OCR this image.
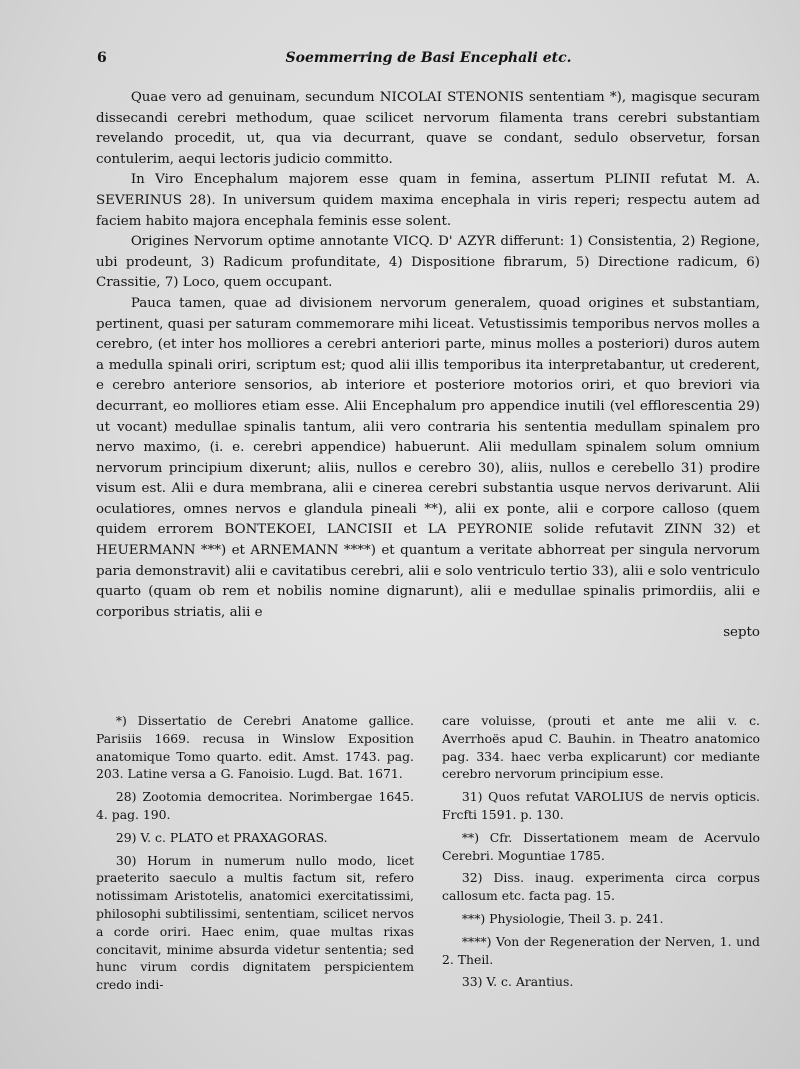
6	Soemmerring de Basi Encephali etc.

Quae vero ad genuinam, secundum NICOLAI STENONIS sententiam *), magisque securam dissecandi cerebri methodum, quae scilicet nervorum filamenta trans cerebri substantiam revelando procedit, ut, qua via decurrant, quave se condant, sedulo observetur, forsan contulerim, aequi lectoris judicio committo.

In Viro Encephalum majorem esse quam in femina, assertum PLINII refutat M. A. SEVERINUS 28). In universum quidem maxima encephala in viris reperi; respectu autem ad faciem habito majora encephala feminis esse solent.

Origines Nervorum optime annotante VICQ. D' AZYR differunt: 1) Consistentia, 2) Regione, ubi prodeunt, 3) Radicum profunditate, 4) Dispositione fibrarum, 5) Directione radicum, 6) Crassitie, 7) Loco, quem occupant.

Pauca tamen, quae ad divisionem nervorum generalem, quoad origines et substantiam, pertinent, quasi per saturam commemorare mihi liceat. Vetustissimis temporibus nervos molles a cerebro, (et inter hos molliores a cerebri anteriori parte, minus molles a posteriori) duros autem a medulla spinali oriri, scriptum est; quod alii illis temporibus ita interpretabantur, ut crederent, e cerebro anteriore sensorios, ab interiore et posteriore motorios oriri, et quo breviori via decurrant, eo molliores etiam esse. Alii Encephalum pro appendice inutili (vel efflorescentia 29) ut vocant) medullae spinalis tantum, alii vero contraria his sententia medullam spinalem pro nervo maximo, (i. e. cerebri appendice) habuerunt. Alii medullam spinalem solum omnium nervorum principium dixerunt; aliis, nullos e cerebro 30), aliis, nullos e cerebello 31) prodire visum est. Alii e dura membrana, alii e cinerea cerebri substantia usque nervos derivarunt. Alii oculatiores, omnes nervos e glandula pineali **), alii ex ponte, alii e corpore calloso (quem quidem errorem BONTEKOEI, LANCISII et LA PEYRONIE solide refutavit ZINN 32) et HEUERMANN ***) et ARNEMANN ****) et quantum a veritate abhorreat per singula nervorum paria demonstravit) alii e cavitatibus cerebri, alii e solo ventriculo tertio 33), alii e solo ventriculo quarto (quam ob rem et nobilis nomine dignarunt), alii e medullae spinalis primordiis, alii e corporibus striatis, alii e

septo

*) Dissertatio de Cerebri Anatome gallice. Parisiis 1669. recusa in Winslow Exposition anatomique Tomo quarto. edit. Amst. 1743. pag. 203. Latine versa a G. Fanoisio. Lugd. Bat. 1671.

28) Zootomia democritea. Norimbergae 1645. 4. pag. 190.

29) V. c. PLATO et PRAXAGORAS.

30) Horum in numerum nullo modo, licet praeterito saeculo a multis factum sit, refero notissimam Aristotelis, anatomici exercitatissimi, philosophi subtilissimi, sententiam, scilicet nervos a corde oriri. Haec enim, quae multas rixas concitavit, minime absurda videtur sententia; sed hunc virum cordis dignitatem perspicientem credo indi-

care voluisse, (prouti et ante me alii v. c. Averrhoës apud C. Bauhin. in Theatro anatomico pag. 334. haec verba explicarunt) cor mediante cerebro nervorum principium esse.

31) Quos refutat VAROLIUS de nervis opticis. Frcfti 1591. p. 130.

**) Cfr. Dissertationem meam de Acervulo Cerebri. Moguntiae 1785.

32) Diss. inaug. experimenta circa corpus callosum etc. facta pag. 15.

***) Physiologie, Theil 3. p. 241.

****) Von der Regeneration der Nerven, 1. und 2. Theil.

33) V. c. Arantius.
